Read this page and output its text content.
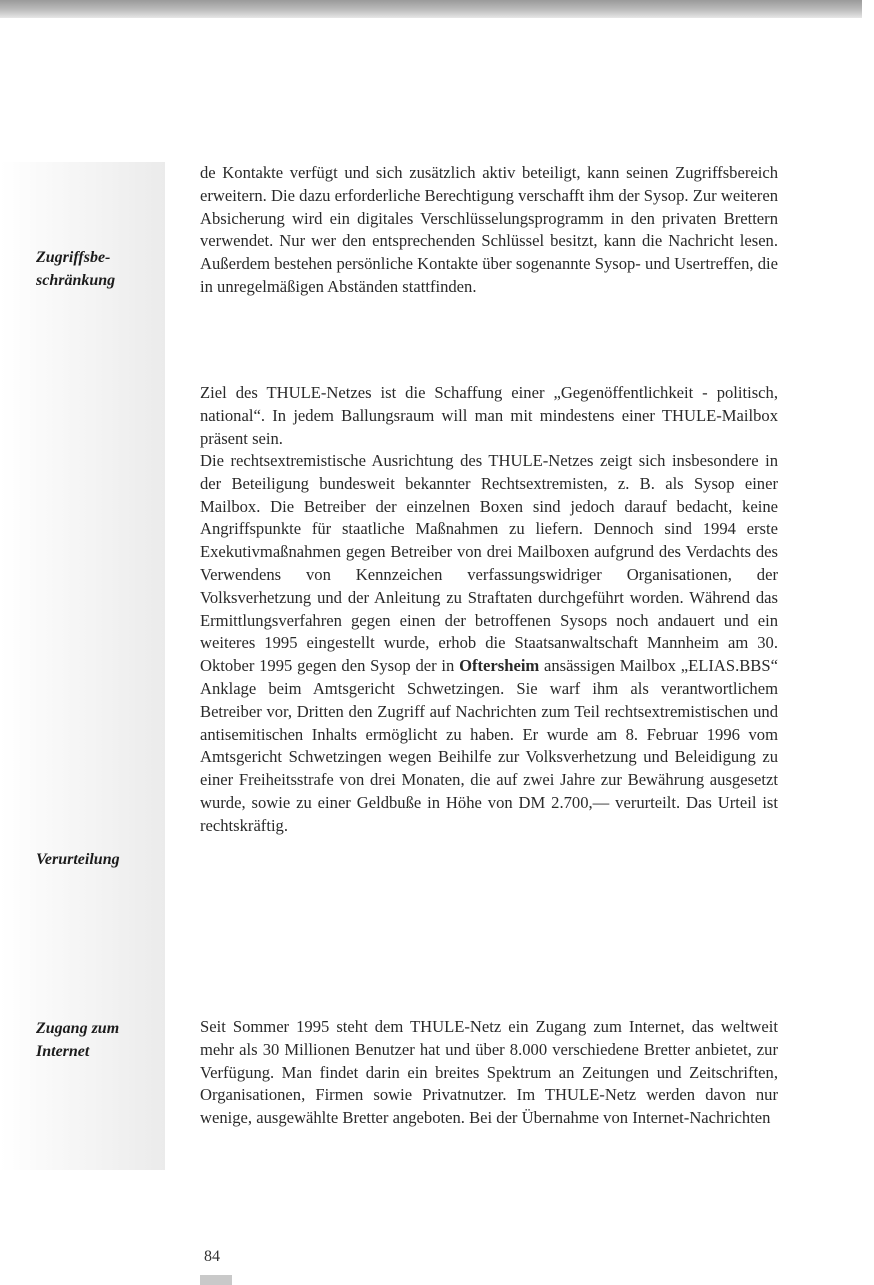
Zugriffsbe-
schränkung
Verurteilung
Zugang zum
Internet

de Kontakte verfügt und sich zusätzlich aktiv beteiligt, kann seinen Zugriffsbereich erweitern. Die dazu erforderliche Berechtigung verschafft ihm der Sysop. Zur weiteren Absicherung wird ein digitales Verschlüsselungsprogramm in den privaten Brettern verwendet. Nur wer den entsprechenden Schlüssel besitzt, kann die Nachricht lesen. Außerdem bestehen persönliche Kontakte über sogenannte Sysop- und Usertreffen, die in unregelmäßigen Abständen stattfinden.

Ziel des THULE-Netzes ist die Schaffung einer „Gegenöffentlichkeit - politisch, national“. In jedem Ballungsraum will man mit mindestens einer THULE-Mailbox präsent sein.

Die rechtsextremistische Ausrichtung des THULE-Netzes zeigt sich insbesondere in der Beteiligung bundesweit bekannter Rechtsextremisten, z. B. als Sysop einer Mailbox. Die Betreiber der einzelnen Boxen sind jedoch darauf bedacht, keine Angriffspunkte für staatliche Maßnahmen zu liefern. Dennoch sind 1994 erste Exekutivmaßnahmen gegen Betreiber von drei Mailboxen aufgrund des Verdachts des Verwendens von Kennzeichen verfassungswidriger Organisationen, der Volksverhetzung und der Anleitung zu Straftaten durchgeführt worden. Während das Ermittlungsverfahren gegen einen der betroffenen Sysops noch andauert und ein weiteres 1995 eingestellt wurde, erhob die Staatsanwaltschaft Mannheim am 30. Oktober 1995 gegen den Sysop der in Oftersheim ansässigen Mailbox „ELIAS.BBS“ Anklage beim Amtsgericht Schwetzingen. Sie warf ihm als verantwortlichem Betreiber vor, Dritten den Zugriff auf Nachrichten zum Teil rechtsextremistischen und antisemitischen Inhalts ermöglicht zu haben. Er wurde am 8. Februar 1996 vom Amtsgericht Schwetzingen wegen Beihilfe zur Volksverhetzung und Beleidigung zu einer Freiheitsstrafe von drei Monaten, die auf zwei Jahre zur Bewährung ausgesetzt wurde, sowie zu einer Geldbuße in Höhe von DM 2.700,— verurteilt. Das Urteil ist rechtskräftig.

Seit Sommer 1995 steht dem THULE-Netz ein Zugang zum Internet, das weltweit mehr als 30 Millionen Benutzer hat und über 8.000 verschiedene Bretter anbietet, zur Verfügung. Man findet darin ein breites Spektrum an Zeitungen und Zeitschriften, Organisationen, Firmen sowie Privatnutzer. Im THULE-Netz werden davon nur wenige, ausgewählte Bretter angeboten. Bei der Übernahme von Internet-Nachrichten

84
